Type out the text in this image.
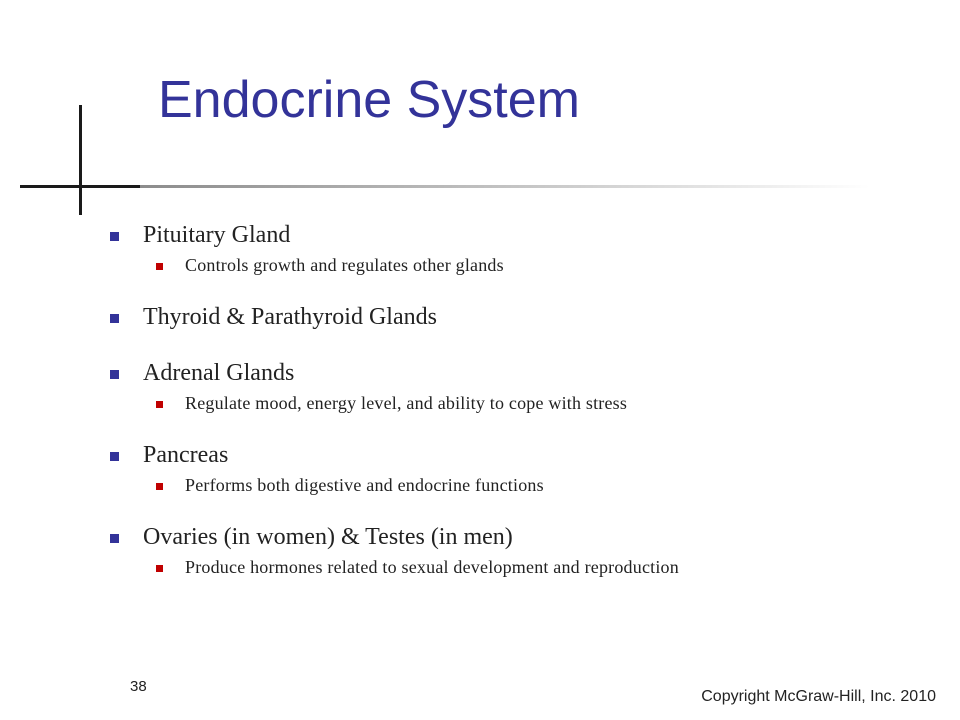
Endocrine System
Pituitary Gland
Controls growth and regulates other glands
Thyroid & Parathyroid Glands
Adrenal Glands
Regulate mood, energy level, and ability to cope with stress
Pancreas
Performs both digestive and endocrine functions
Ovaries (in women) & Testes (in men)
Produce hormones related to sexual development and reproduction
38
Copyright McGraw-Hill, Inc. 2010
